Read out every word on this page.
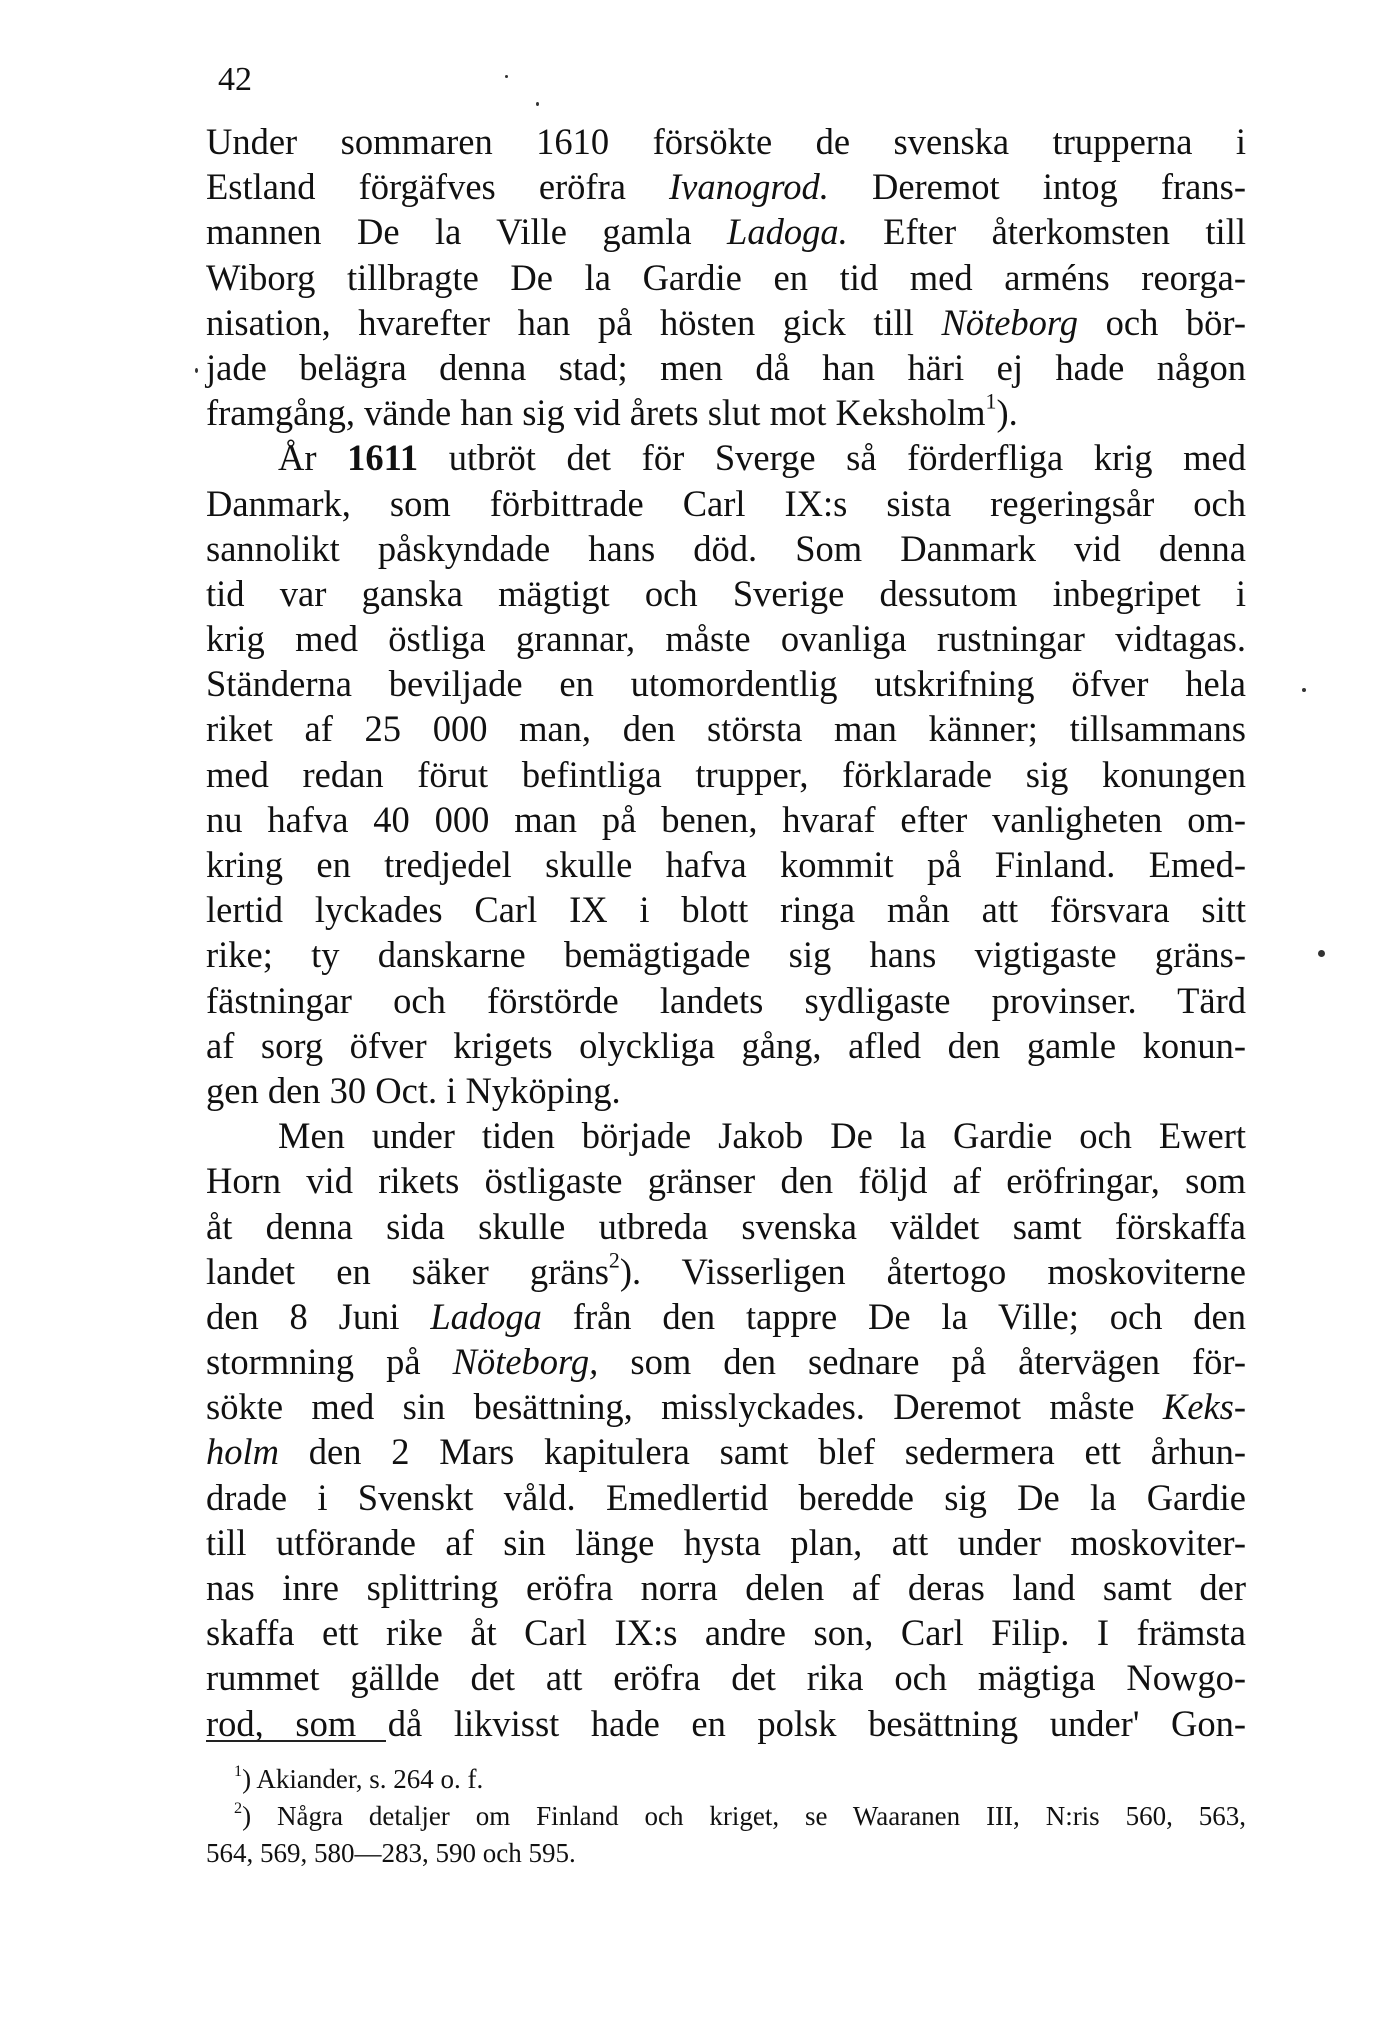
42
Under sommaren 1610 försökte de svenska trupperna i
Estland förgäfves eröfra Ivanogrod. Deremot intog frans-
mannen De la Ville gamla Ladoga. Efter återkomsten till
Wiborg tillbragte De la Gardie en tid med arméns reorga-
nisation, hvarefter han på hösten gick till Nöteborg och bör-
jade belägra denna stad; men då han häri ej hade någon
framgång, vände han sig vid årets slut mot Keksholm$^1$).
År 1611 utbröt det för Sverge så förderfliga krig med
Danmark, som förbittrade Carl IX:s sista regeringsår och
sannolikt påskyndade hans död. Som Danmark vid denna
tid var ganska mägtigt och Sverige dessutom inbegripet i
krig med östliga grannar, måste ovanliga rustningar vidtagas.
Ständerna beviljade en utomordentlig utskrifning öfver hela
riket af 25 000 man, den största man känner; tillsammans
med redan förut befintliga trupper, förklarade sig konungen
nu hafva 40 000 man på benen, hvaraf efter vanligheten om-
kring en tredjedel skulle hafva kommit på Finland. Emed-
lertid lyckades Carl IX i blott ringa mån att försvara sitt
rike; ty danskarne bemägtigade sig hans vigtigaste gräns-
fästningar och förstörde landets sydligaste provinser. Tärd
af sorg öfver krigets olyckliga gång, afled den gamle konun-
gen den 30 Oct. i Nyköping.
Men under tiden började Jakob De la Gardie och Ewert
Horn vid rikets östligaste gränser den följd af eröfringar, som
åt denna sida skulle utbreda svenska väldet samt förskaffa
landet en säker gräns$^2$). Visserligen återtogo moskoviterne
den 8 Juni Ladoga från den tappre De la Ville; och den
stormning på Nöteborg, som den sednare på återvägen för-
sökte med sin besättning, misslyckades. Deremot måste Keks-
holm den 2 Mars kapitulera samt blef sedermera ett århun-
drade i Svenskt våld. Emedlertid beredde sig De la Gardie
till utförande af sin länge hysta plan, att under moskoviter-
nas inre splittring eröfra norra delen af deras land samt der
skaffa ett rike åt Carl IX:s andre son, Carl Filip. I främsta
rummet gällde det att eröfra det rika och mägtiga Nowgo-
rod, som då likvisst hade en polsk besättning under' Gon-
$^1$) Akiander, s. 264 o. f.
$^2$) Några detaljer om Finland och kriget, se Waaranen III, N:ris 560, 563,
564, 569, 580—283, 590 och 595.
